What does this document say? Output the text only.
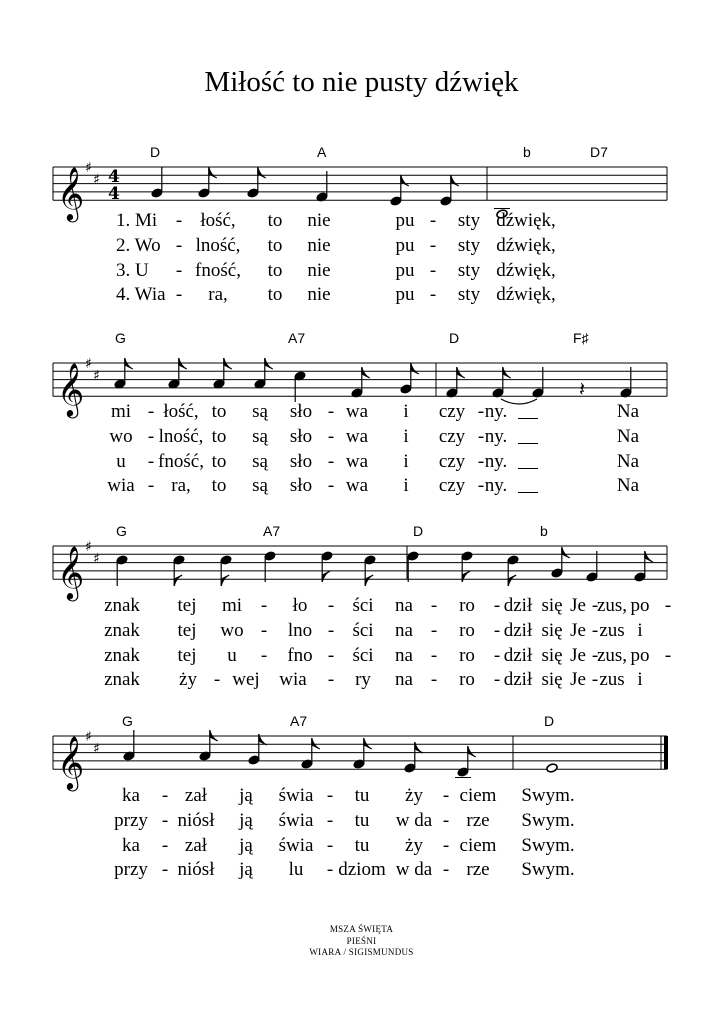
Miłość to nie pusty dźwięk
𝄞 ♯
♯ 4
4
D	A	b	D7
1. Mi - łość, to nie	pu - sty dźwięk,
2. Wo - lność, to nie	pu - sty dźwięk,
3. U - fność, to nie	pu - sty dźwięk,
4. Wia - ra, to nie	pu - sty dźwięk,
𝄞 ♯
♯
𝄽
G	A7	D	F♯
mi - łość, to są sło - wa i czy - ny.	Na
wo - lność, to są sło - wa i czy - ny.	Na
u - fność, to są sło - wa i czy - ny.	Na
wia - ra, to są sło - wa i czy - ny.	Na
𝄞 ♯
♯
G	A7	D	b
znak tej mi - ło - ści na - ro - dził się Je -
zus, po -
znak tej wo - lno - ści na - ro - dził się Je - zus i
znak tej u - fno - ści na - ro - dził się Je -
zus, po -
znak ży - wej wia - ry na - ro - dził się Je - zus i
𝄞 ♯
♯
G	A7	D
ka - zał ją świa - tu ży - ciem Swym.
przy - niósł ją świa - tu w da - rze Swym.
ka - zał ją świa - tu ży - ciem Swym.
przy - niósł ją lu - dziom w da - rze Swym.
MSZA ŚWIĘTA
PIEŚNI
WIARA / SIGISMUNDUS
